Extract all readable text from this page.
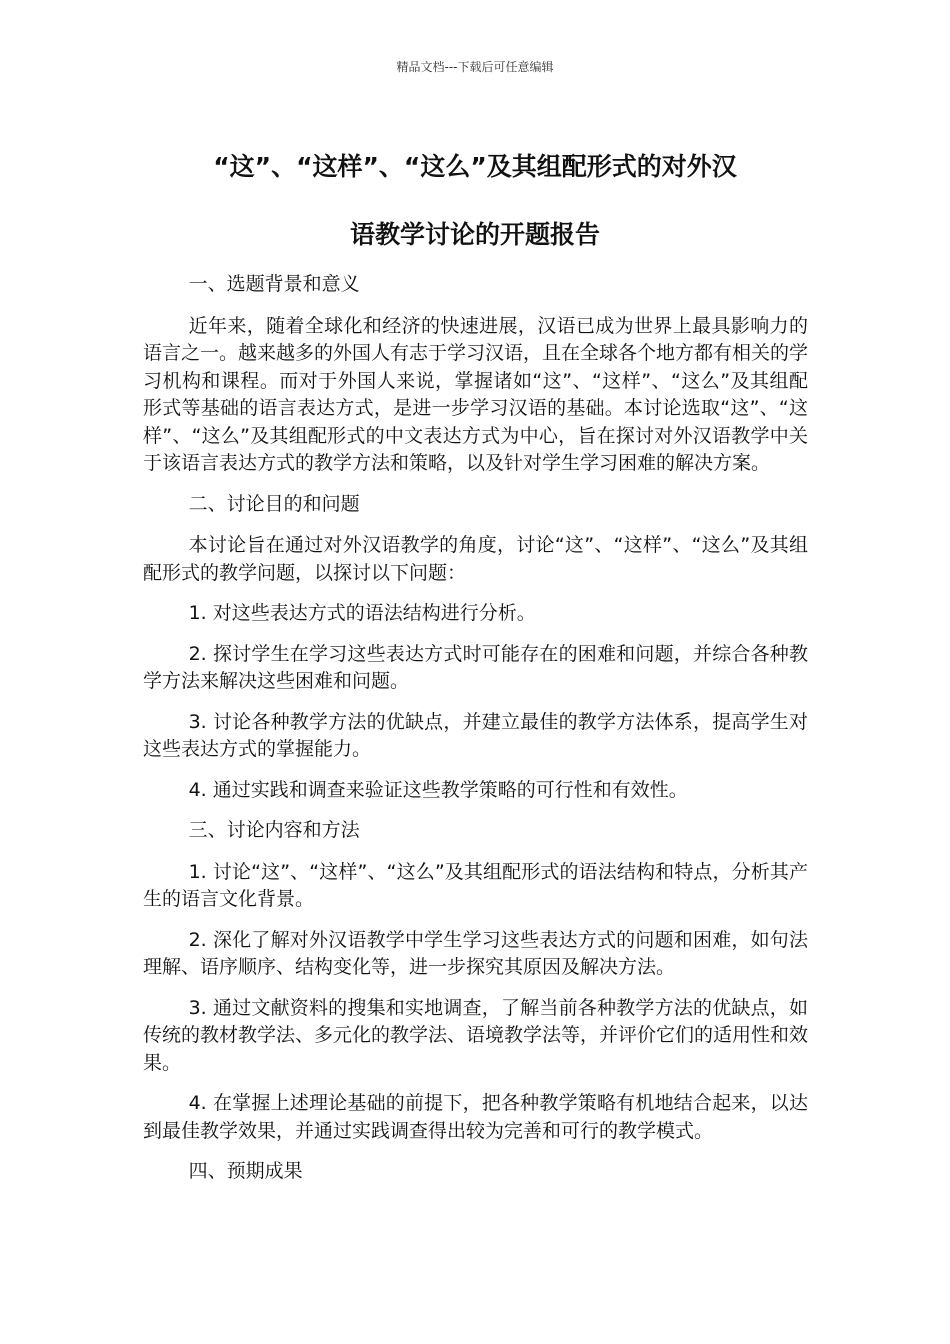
精品文档---下载后可任意编辑
“这”、“这样”、“这么”及其组配形式的对外汉
语教学讨论的开题报告

一、选题背景和意义

近年来，随着全球化和经济的快速进展，汉语已成为世界上最具影响力的语言之一。越来越多的外国人有志于学习汉语，且在全球各个地方都有相关的学习机构和课程。而对于外国人来说，掌握诸如“这”、“这样”、“这么”及其组配形式等基础的语言表达方式，是进一步学习汉语的基础。本讨论选取“这”、“这样”、“这么”及其组配形式的中文表达方式为中心，旨在探讨对外汉语教学中关于该语言表达方式的教学方法和策略，以及针对学生学习困难的解决方案。

二、讨论目的和问题

本讨论旨在通过对外汉语教学的角度，讨论“这”、“这样”、“这么”及其组配形式的教学问题，以探讨以下问题：

1. 对这些表达方式的语法结构进行分析。

2. 探讨学生在学习这些表达方式时可能存在的困难和问题，并综合各种教学方法来解决这些困难和问题。

3. 讨论各种教学方法的优缺点，并建立最佳的教学方法体系，提高学生对这些表达方式的掌握能力。

4. 通过实践和调查来验证这些教学策略的可行性和有效性。

三、讨论内容和方法

1. 讨论“这”、“这样”、“这么”及其组配形式的语法结构和特点，分析其产生的语言文化背景。

2. 深化了解对外汉语教学中学生学习这些表达方式的问题和困难，如句法理解、语序顺序、结构变化等，进一步探究其原因及解决方法。

3. 通过文献资料的搜集和实地调查，了解当前各种教学方法的优缺点，如传统的教材教学法、多元化的教学法、语境教学法等，并评价它们的适用性和效果。

4. 在掌握上述理论基础的前提下，把各种教学策略有机地结合起来，以达到最佳教学效果，并通过实践调查得出较为完善和可行的教学模式。

四、预期成果
